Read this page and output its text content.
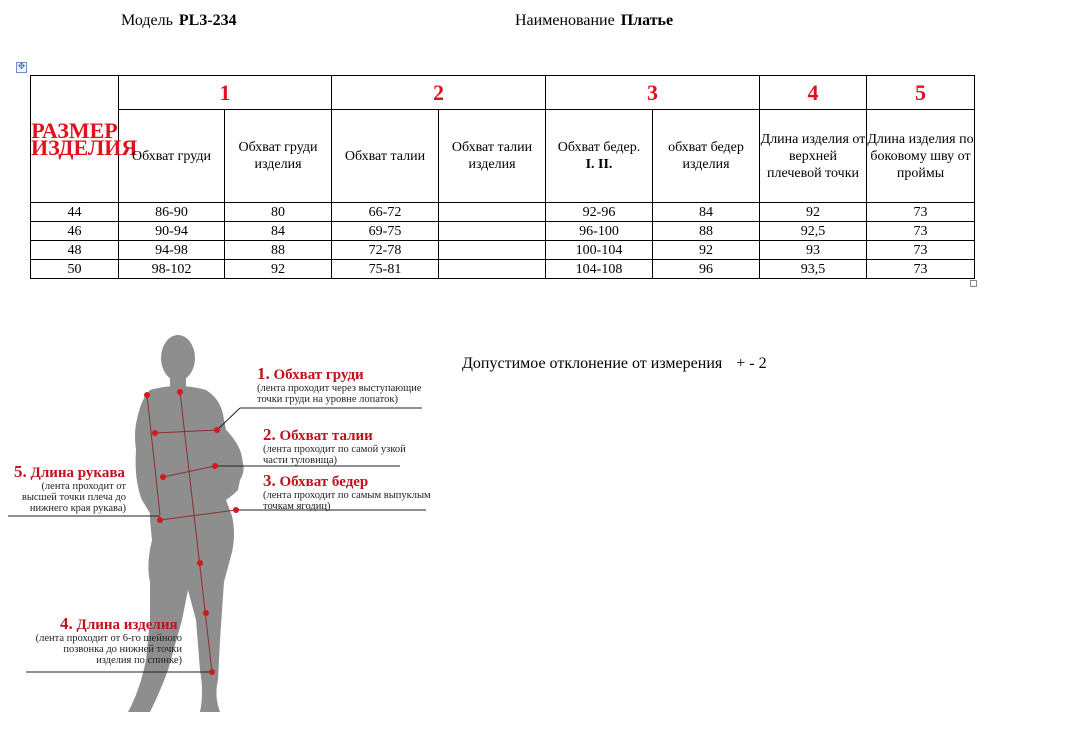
Модель PL3-234	Наименование Платье
✥
РАЗМЕР ИЗДЕЛИЯ	1		2		3		4	5
	Обхват груди	Обхват груди изделия	Обхват талии	Обхват талии изделия	Обхват бедер.
I. II.	обхват бедер изделия	Длина изделия от верхней плечевой точки	Длина изделия по боковому шву от проймы
44	86-90	80	66-72		92-96	84	92	73
46	90-94	84	69-75		96-100	88	92,5	73
48	94-98	88	72-78		100-104	92	93	73
50	98-102	92	75-81		104-108	96	93,5	73
Допустимое отклонение от измерения + - 2
1. Обхват груди
(лента проходит через выступающие точки груди на уровне лопаток)
2. Обхват талии
(лента проходит по самой узкой части туловища)
3. Обхват бедер
(лента проходит по самым выпуклым точкам ягодиц)
4. Длина изделия
(лента проходит от 6-го шейного позвонка до нижней точки изделия по спинке)
5. Длина рукава
(лента проходит от высшей точки плеча до нижнего края рукава)
